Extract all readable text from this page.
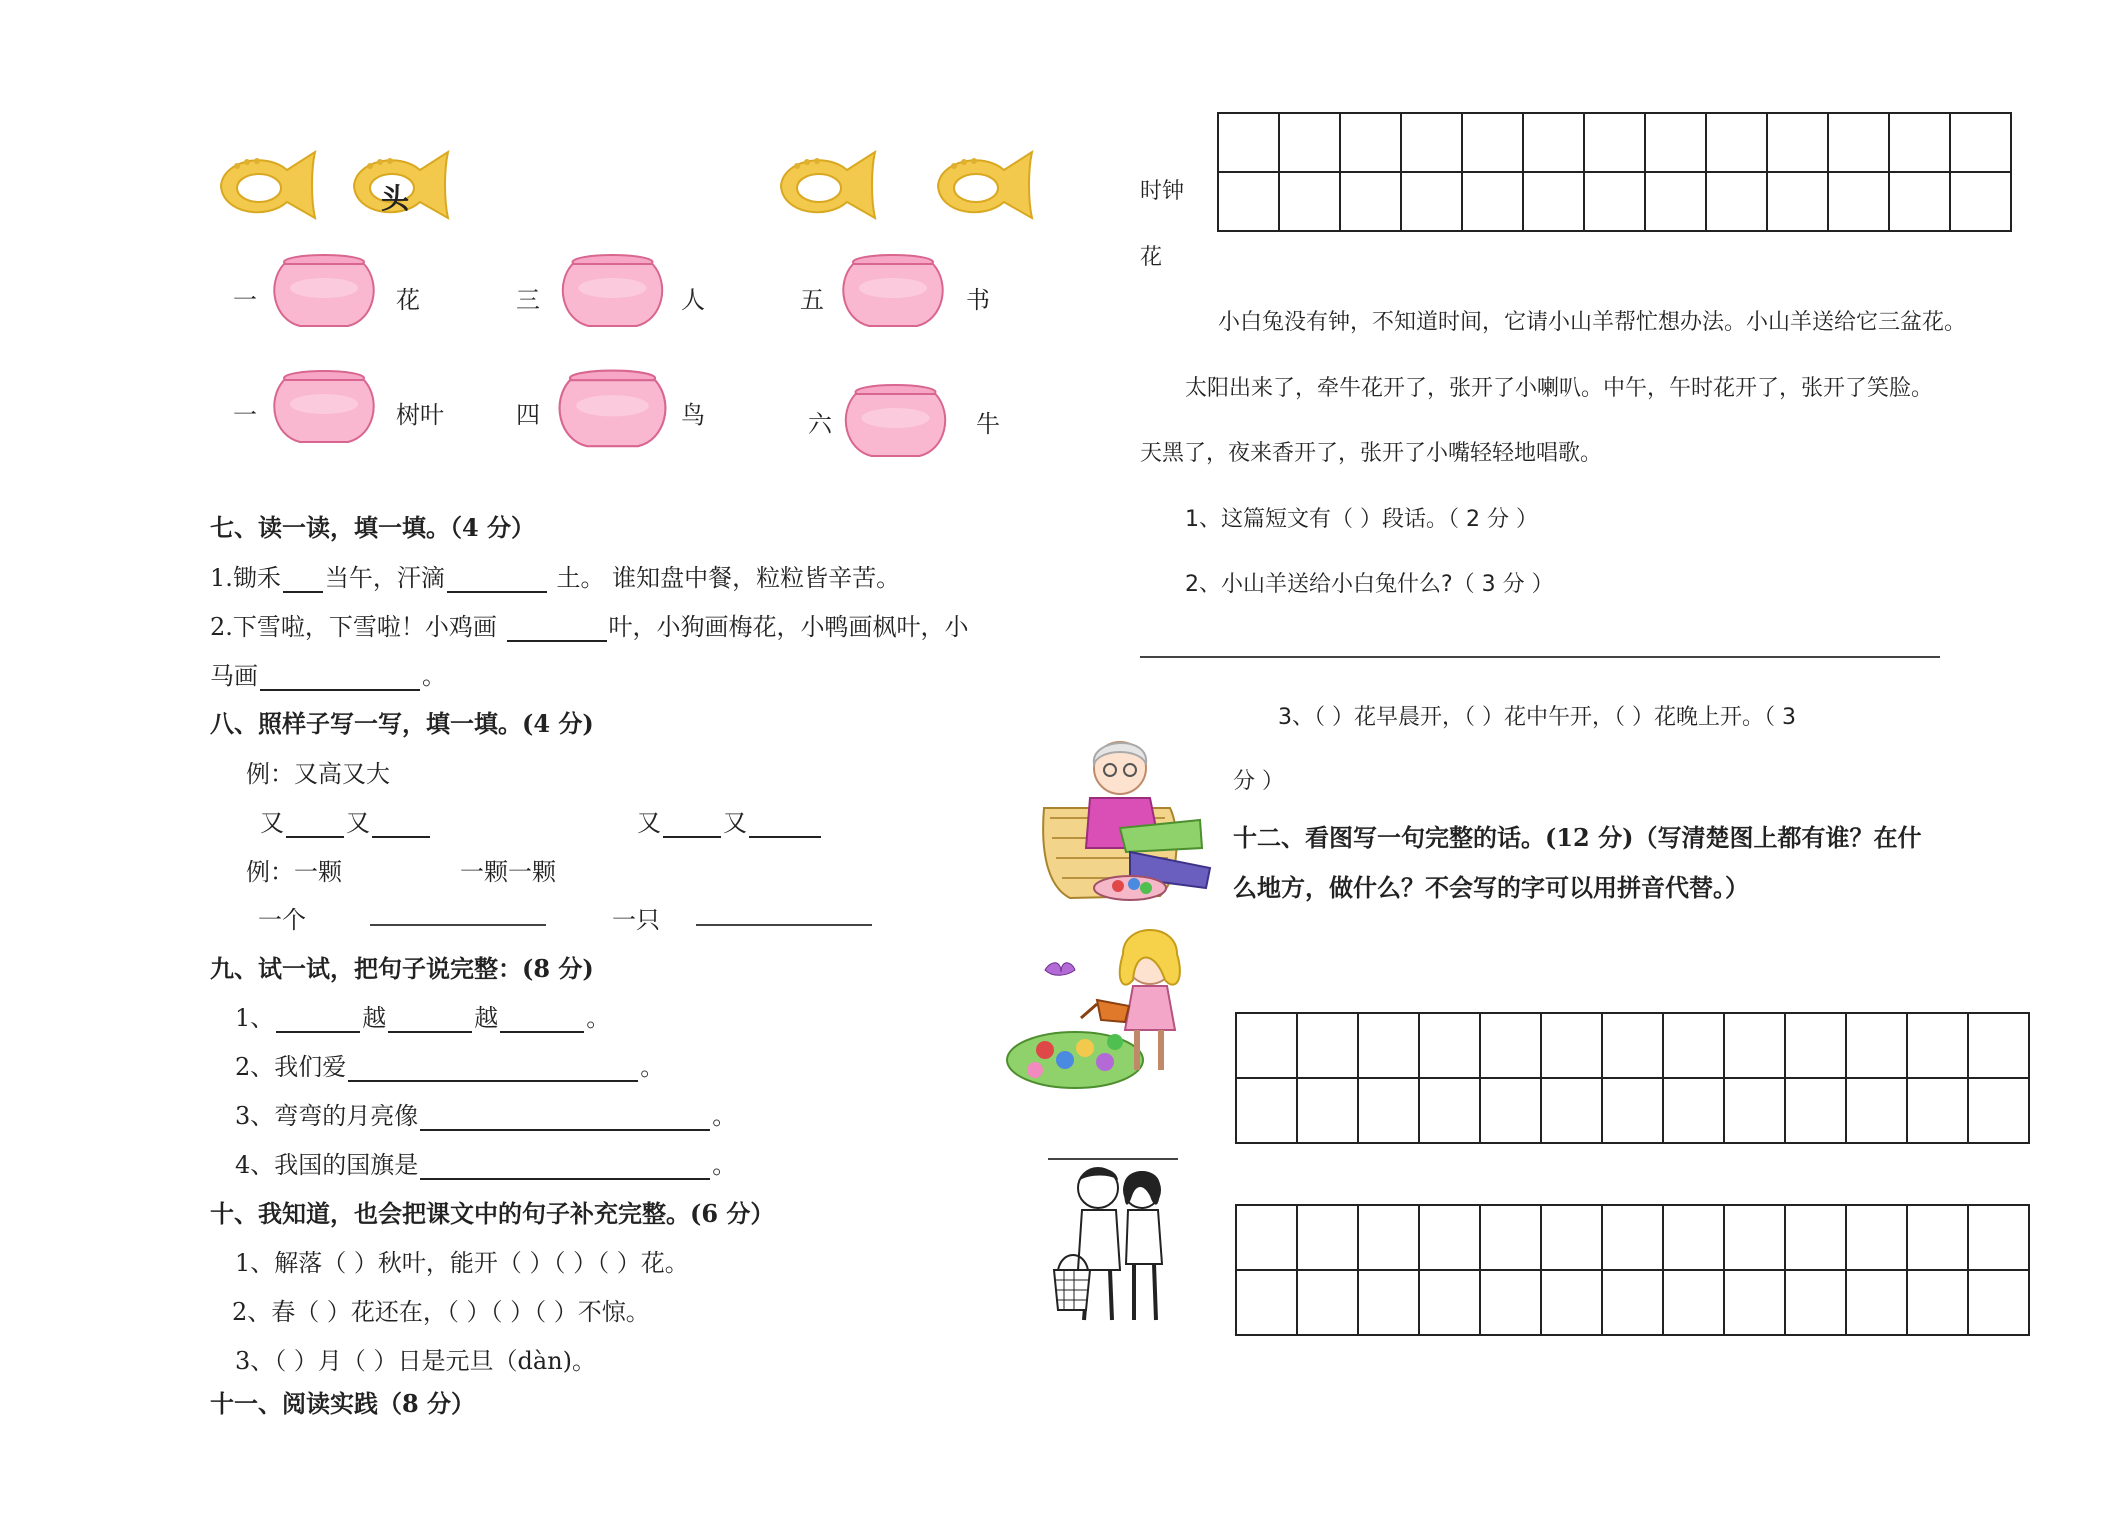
头
一	花	三	人	五	书
一	树叶	四	鸟	六	牛
七、读一读，填一填。（4 分）
1.锄禾 当午，汗滴	土。 谁知盘中餐，粒粒皆辛苦。
2.下雪啦，下雪啦！小鸡画	叶，小狗画梅花，小鸭画枫叶，小
马画	。
八、照样子写一写，填一填。(4 分)
例：又高又大
又	又	又	又
例：一颗	一颗一颗
一个	一只
九、试一试，把句子说完整：(8 分)
1、	越	越	。
2、我们爱	。
3、弯弯的月亮像	。
4、我国的国旗是	。
十、我知道，也会把课文中的句子补充完整。(6 分）
1、解落（ ）秋叶，能开（ ）（ ）（ ）花。
2、春（ ）花还在，（ ）（ ）（ ）不惊。
3、（ ）月（ ）日是元旦（dàn)。
十一、阅读实践（8 分）

时钟
花
小白兔没有钟，不知道时间，它请小山羊帮忙想办法。小山羊送给它三盆花。
太阳出来了，牵牛花开了，张开了小喇叭。中午，午时花开了，张开了笑脸。
天黑了，夜来香开了，张开了小嘴轻轻地唱歌。
1、这篇短文有（ ）段话。（ 2 分 ）
2、小山羊送给小白兔什么?（ 3 分 ）
3、（ ）花早晨开，（ ）花中午开，（ ）花晚上开。（ 3
分 ）
十二、看图写一句完整的话。(12 分)（写清楚图上都有谁？在什
么地方，做什么？不会写的字可以用拼音代替。）
